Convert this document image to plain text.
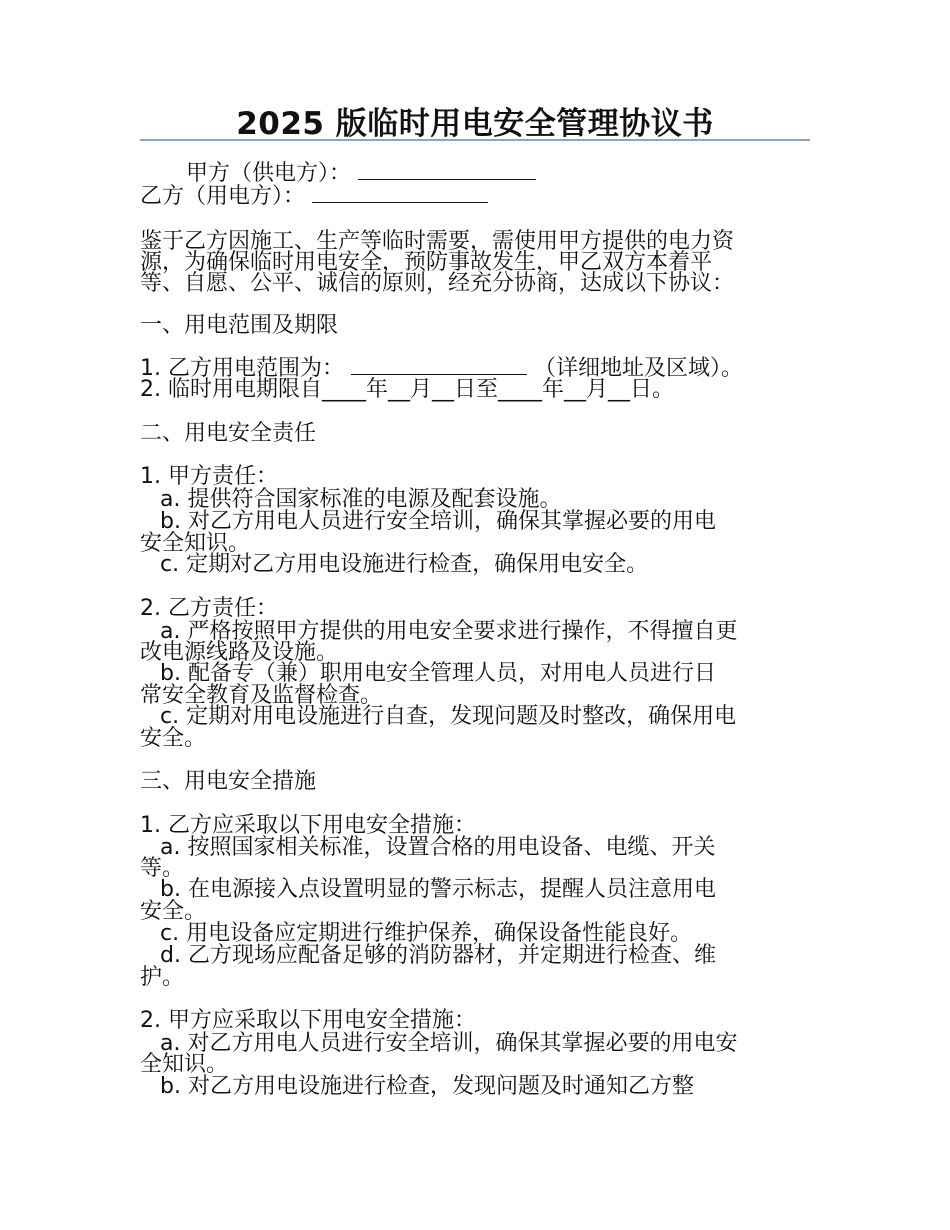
2025 版临时用电安全管理协议书
甲方（供电方）：
乙方（用电方）：
鉴于乙方因施工、生产等临时需要，需使用甲方提供的电力资
源，为确保临时用电安全，预防事故发生，甲乙双方本着平
等、自愿、公平、诚信的原则，经充分协商，达成以下协议：
一、用电范围及期限
1. 乙方用电范围为：	（详细地址及区域）。
2. 临时用电期限自____年__月__日至____年__月__日。
二、用电安全责任
1. 甲方责任：
a. 提供符合国家标准的电源及配套设施。
b. 对乙方用电人员进行安全培训，确保其掌握必要的用电
安全知识。
c. 定期对乙方用电设施进行检查，确保用电安全。
2. 乙方责任：
a. 严格按照甲方提供的用电安全要求进行操作，不得擅自更
改电源线路及设施。
b. 配备专（兼）职用电安全管理人员，对用电人员进行日
常安全教育及监督检查。
c. 定期对用电设施进行自查，发现问题及时整改，确保用电
安全。
三、用电安全措施
1. 乙方应采取以下用电安全措施：
a. 按照国家相关标准，设置合格的用电设备、电缆、开关
等。
b. 在电源接入点设置明显的警示标志，提醒人员注意用电
安全。
c. 用电设备应定期进行维护保养，确保设备性能良好。
d. 乙方现场应配备足够的消防器材，并定期进行检查、维
护。
2. 甲方应采取以下用电安全措施：
a. 对乙方用电人员进行安全培训，确保其掌握必要的用电安
全知识。
b. 对乙方用电设施进行检查，发现问题及时通知乙方整
